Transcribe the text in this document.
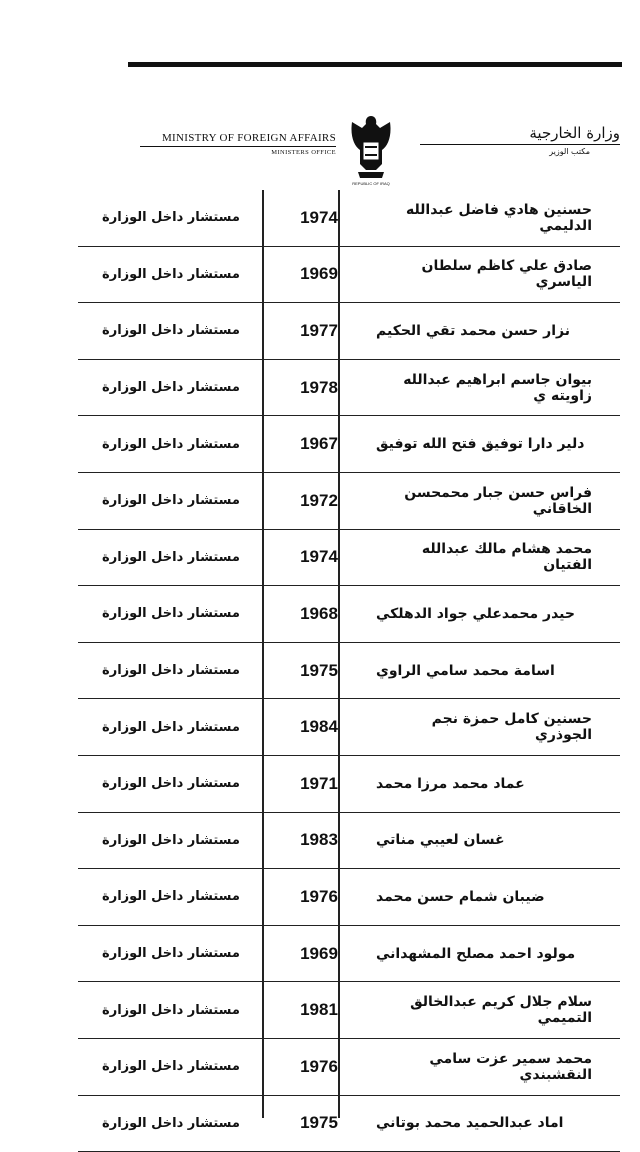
MINISTRY OF FOREIGN AFFAIRS
MINISTERS OFFICE
REPUBLIC OF IRAQ
وزارة الخارجية
مكتب الوزير
مستشار داخل الوزارة	1974	حسنين هادي فاضل عبدالله الدليمي
مستشار داخل الوزارة	1969	صادق علي كاظم سلطان الياسري
مستشار داخل الوزارة	1977	نزار حسن محمد تقي الحكيم
مستشار داخل الوزارة	1978	بيوان جاسم ابراهيم عبدالله زاويته ي
مستشار داخل الوزارة	1967	دلير دارا توفيق فتح الله توفيق
مستشار داخل الوزارة	1972	فراس حسن جبار محمحسن الخاقاني
مستشار داخل الوزارة	1974	محمد هشام مالك عبدالله الفتيان
مستشار داخل الوزارة	1968	حيدر محمدعلي جواد الدهلكي
مستشار داخل الوزارة	1975	اسامة محمد سامي الراوي
مستشار داخل الوزارة	1984	حسنين كامل حمزة نجم الجوذري
مستشار داخل الوزارة	1971	عماد محمد مرزا محمد
مستشار داخل الوزارة	1983	غسان لعيبي مناتي
مستشار داخل الوزارة	1976	ضيبان شمام حسن محمد
مستشار داخل الوزارة	1969	مولود احمد مصلح المشهداني
مستشار داخل الوزارة	1981	سلام جلال كريم عبدالخالق التميمي
مستشار داخل الوزارة	1976	محمد سمير عزت سامي النقشبندي
مستشار داخل الوزارة	1975	اماد عبدالحميد محمد بوتاني
